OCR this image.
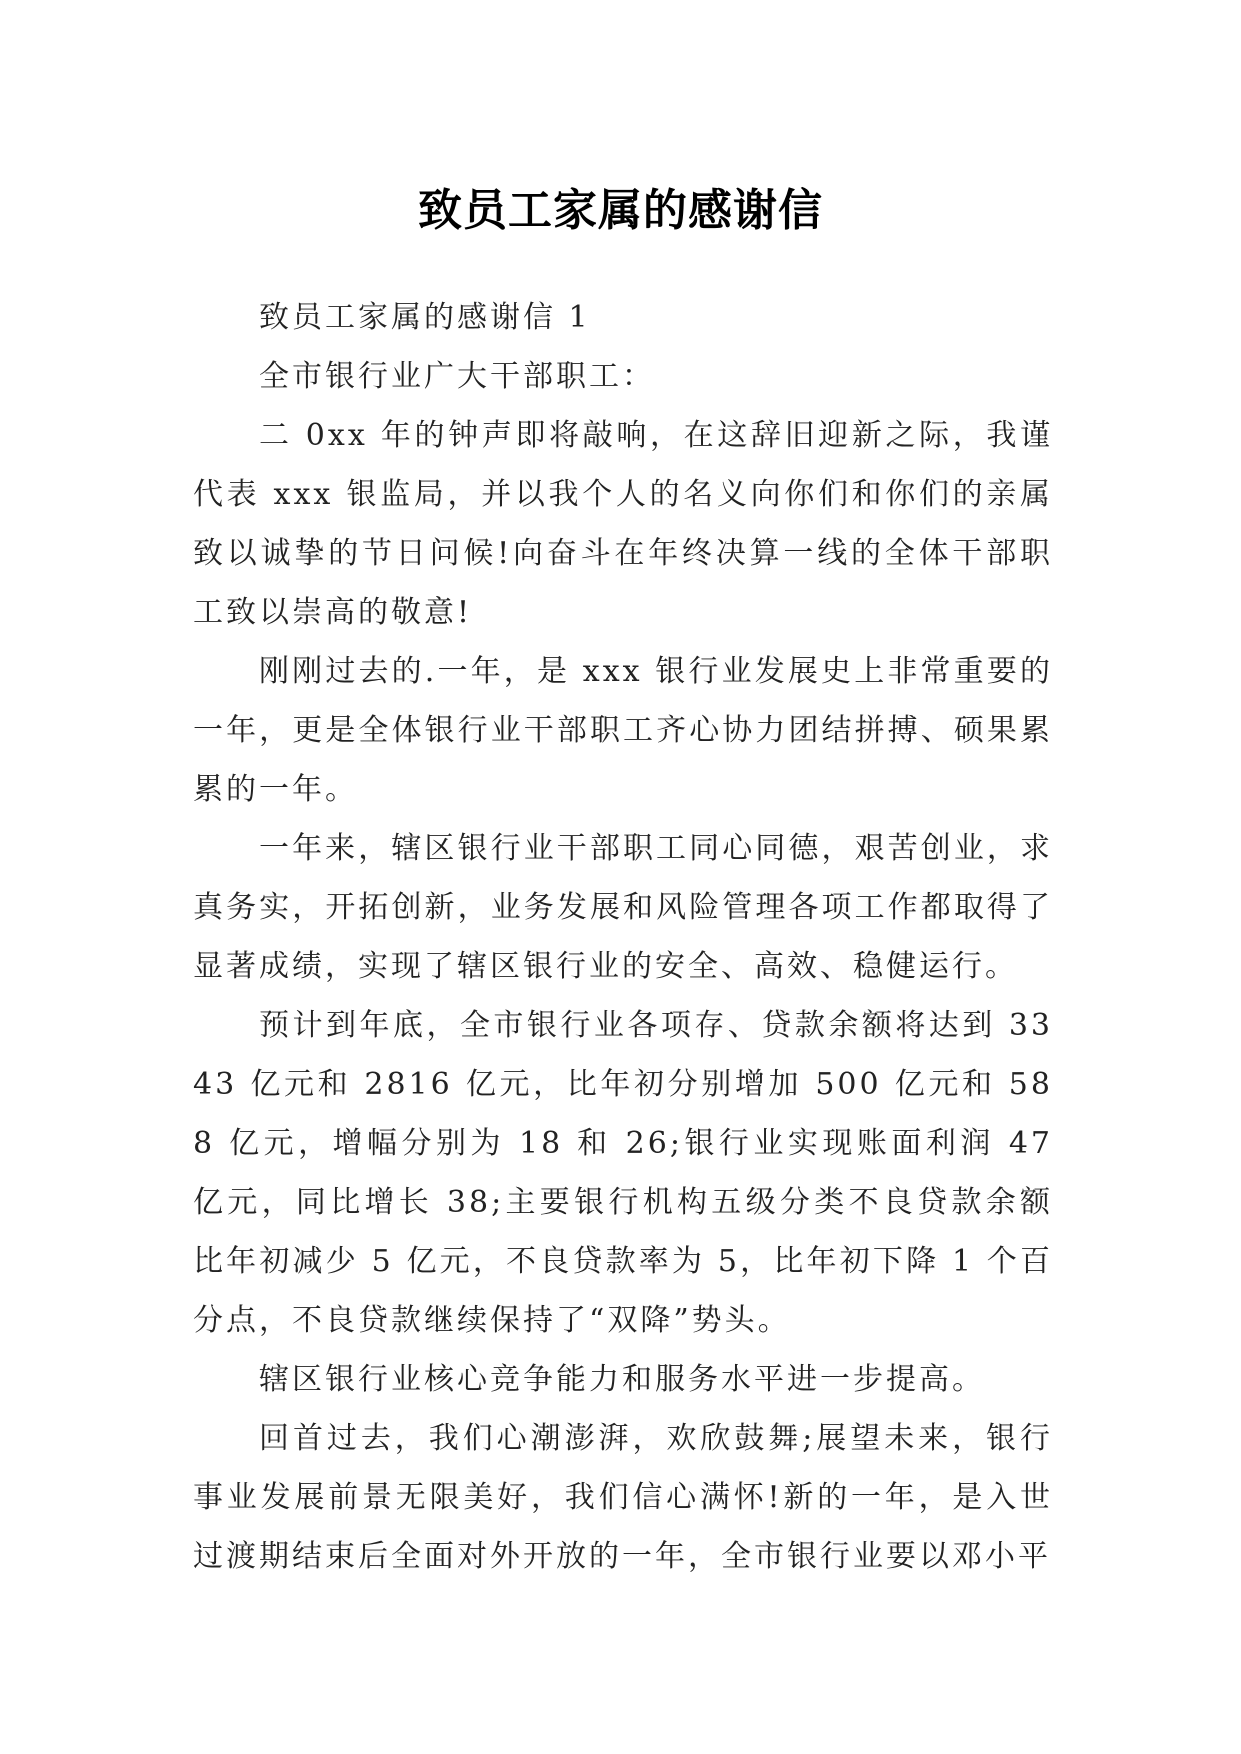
致员工家属的感谢信

致员工家属的感谢信 1

全市银行业广大干部职工：

二 0xx 年的钟声即将敲响，在这辞旧迎新之际，我谨代表 xxx 银监局，并以我个人的名义向你们和你们的亲属致以诚挚的节日问候!向奋斗在年终决算一线的全体干部职工致以崇高的敬意!

刚刚过去的.一年，是 xxx 银行业发展史上非常重要的一年，更是全体银行业干部职工齐心协力团结拼搏、硕果累累的一年。

一年来，辖区银行业干部职工同心同德，艰苦创业，求真务实，开拓创新，业务发展和风险管理各项工作都取得了显著成绩，实现了辖区银行业的安全、高效、稳健运行。

预计到年底，全市银行业各项存、贷款余额将达到 3343 亿元和 2816 亿元，比年初分别增加 500 亿元和 588 亿元，增幅分别为 18 和 26;银行业实现账面利润 47 亿元，同比增长 38;主要银行机构五级分类不良贷款余额比年初减少 5 亿元，不良贷款率为 5，比年初下降 1 个百分点，不良贷款继续保持了“双降”势头。

辖区银行业核心竞争能力和服务水平进一步提高。

回首过去，我们心潮澎湃，欢欣鼓舞;展望未来，银行事业发展前景无限美好，我们信心满怀!新的一年，是入世过渡期结束后全面对外开放的一年，全市银行业要以邓小平
